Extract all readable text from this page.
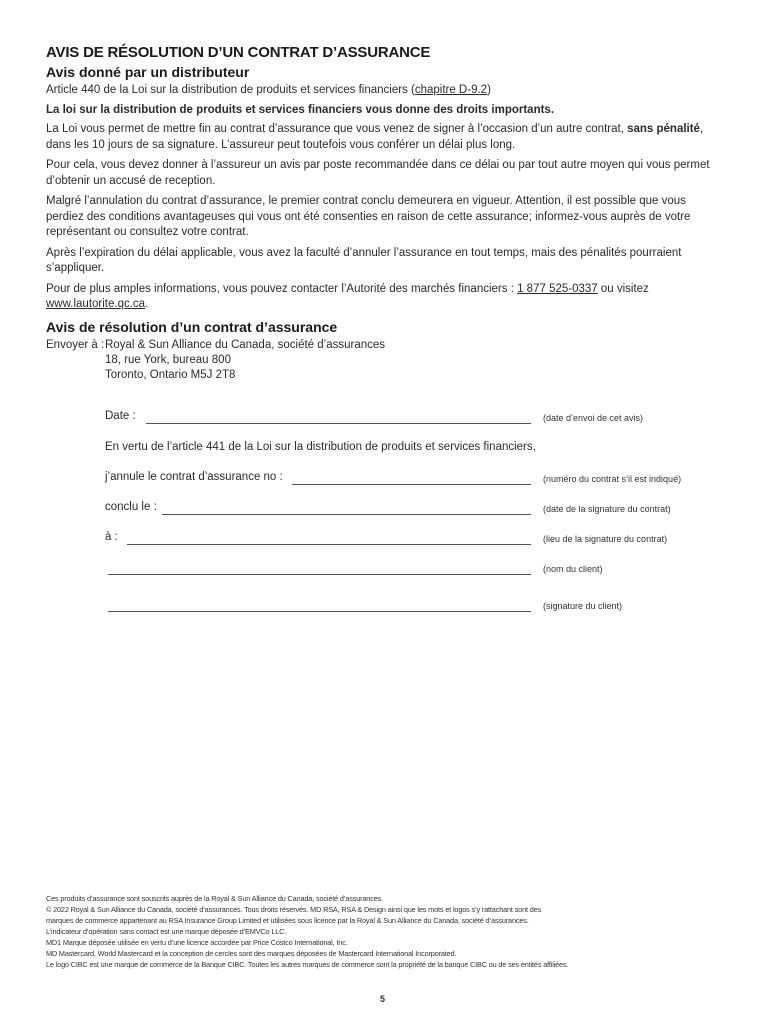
AVIS DE RÉSOLUTION D’UN CONTRAT D’ASSURANCE
Avis donné par un distributeur

Article 440 de la Loi sur la distribution de produits et services financiers (chapitre D-9.2)

La loi sur la distribution de produits et services financiers vous donne des droits importants.

La Loi vous permet de mettre fin au contrat d’assurance que vous venez de signer à l’occasion d’un autre contrat, sans pénalité, dans les 10 jours de sa signature. L’assureur peut toutefois vous conférer un délai plus long.

Pour cela, vous devez donner à l’assureur un avis par poste recommandée dans ce délai ou par tout autre moyen qui vous permet d’obtenir un accusé de reception.

Malgré l’annulation du contrat d’assurance, le premier contrat conclu demeurera en vigueur. Attention, il est possible que vous perdiez des conditions avantageuses qui vous ont été consenties en raison de cette assurance; informez-vous auprès de votre représentant ou consultez votre contrat.

Après l’expiration du délai applicable, vous avez la faculté d’annuler l’assurance en tout temps, mais des pénalités pourraient s’appliquer.

Pour de plus amples informations, vous pouvez contacter l’Autorité des marchés financiers : 1 877 525-0337 ou visitez www.lautorite.qc.ca.

Avis de résolution d’un contrat d’assurance
Envoyer à : Royal & Sun Alliance du Canada, société d’assurances
18, rue York, bureau 800
Toronto, Ontario M5J 2T8
Date :	(date d’envoi de cet avis)
En vertu de l’article 441 de la Loi sur la distribution de produits et services financiers,
j’annule le contrat d’assurance no :	(numéro du contrat s’il est indiqué)
conclu le :	(date de la signature du contrat)
à :	(lieu de la signature du contrat)
(nom du client)
(signature du client)
Ces produits d’assurance sont souscrits auprès de la Royal & Sun Alliance du Canada, société d’assurances.
© 2022 Royal & Sun Alliance du Canada, société d’assurances. Tous droits réservés. MD RSA, RSA & Design ainsi que les mots et logos s’y rattachant sont des
marques de commerce appartenant au RSA Insurance Group Limited et utilisées sous licence par la Royal & Sun Alliance du Canada, société d’assurances.
L’indicateur d’opération sans contact est une marque déposée d’EMVCo LLC.
MD1 Marque déposée utilisée en vertu d’une licence accordée par Price Costco International, Inc.
MD Mastercard, World Mastercard et la conception de cercles sont des marques déposées de Mastercard International Incorporated.
Le logo CIBC est une marque de commerce de la Banque CIBC. Toutes les autres marques de commerce sont la propriété de la banque CIBC ou de ses entités affiliées.
5
